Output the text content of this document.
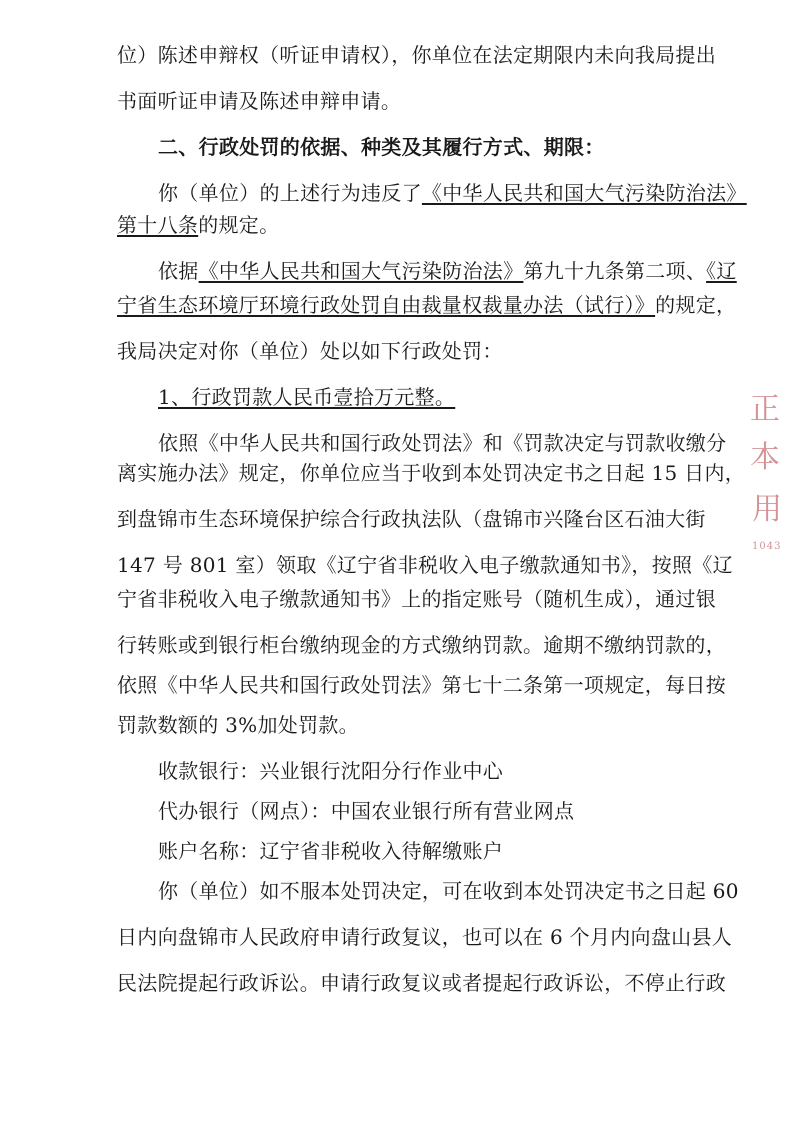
位）陈述申辩权（听证申请权），你单位在法定期限内未向我局提出
书面听证申请及陈述申辩申请。
二、行政处罚的依据、种类及其履行方式、期限：
你（单位）的上述行为违反了《中华人民共和国大气污染防治法》
第十八条的规定。
依据《中华人民共和国大气污染防治法》第九十九条第二项、《辽
宁省生态环境厅环境行政处罚自由裁量权裁量办法（试行）》的规定，
我局决定对你（单位）处以如下行政处罚：
1、行政罚款人民币壹拾万元整。
依照《中华人民共和国行政处罚法》和《罚款决定与罚款收缴分
离实施办法》规定，你单位应当于收到本处罚决定书之日起 15 日内，
到盘锦市生态环境保护综合行政执法队（盘锦市兴隆台区石油大街
147 号 801 室）领取《辽宁省非税收入电子缴款通知书》，按照《辽
宁省非税收入电子缴款通知书》上的指定账号（随机生成），通过银
行转账或到银行柜台缴纳现金的方式缴纳罚款。逾期不缴纳罚款的，
依照《中华人民共和国行政处罚法》第七十二条第一项规定，每日按
罚款数额的 3%加处罚款。
收款银行：兴业银行沈阳分行作业中心
代办银行（网点）：中国农业银行所有营业网点
账户名称：辽宁省非税收入待解缴账户
你（单位）如不服本处罚决定，可在收到本处罚决定书之日起 60
日内向盘锦市人民政府申请行政复议，也可以在 6 个月内向盘山县人
民法院提起行政诉讼。申请行政复议或者提起行政诉讼，不停止行政
正
本
用
1043
